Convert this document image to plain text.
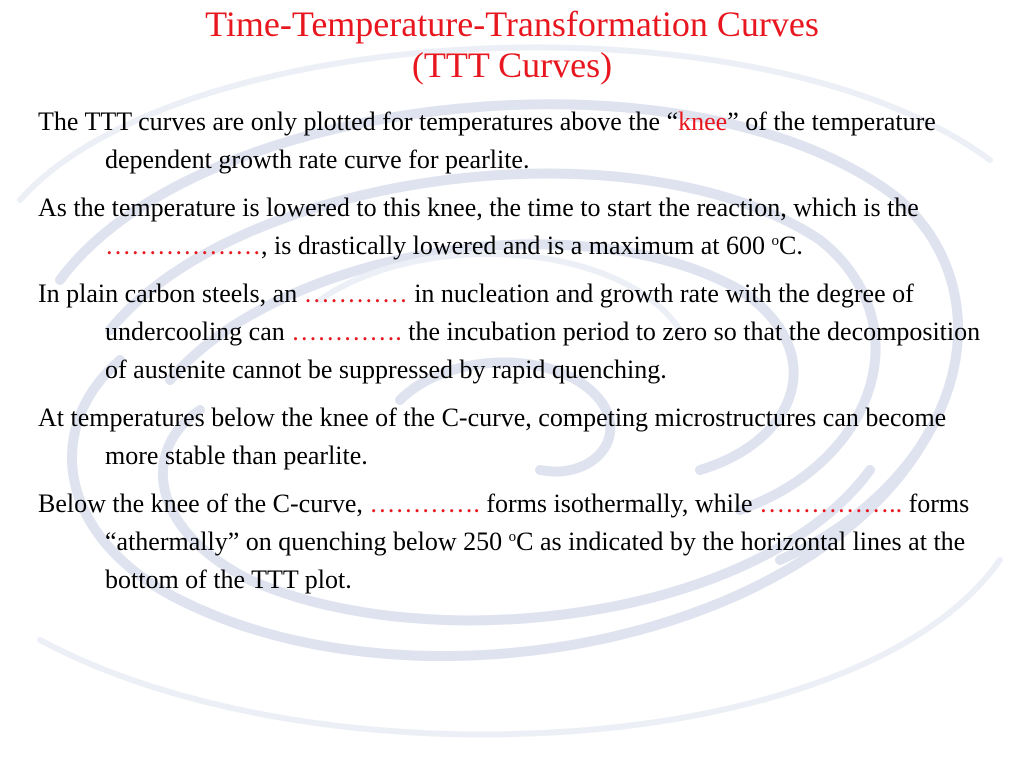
Time-Temperature-Transformation Curves
(TTT Curves)

The TTT curves are only plotted for temperatures above the “knee” of the temperature dependent growth rate curve for pearlite.

As the temperature is lowered to this knee, the time to start the reaction, which is the ………………, is drastically lowered and is a maximum at 600 $^o$C.

In plain carbon steels, an ………… in nucleation and growth rate with the degree of undercooling can …………. the incubation period to zero so that the decomposition of austenite cannot be suppressed by rapid quenching.

At temperatures below the knee of the C-curve, competing microstructures can become more stable than pearlite.

Below the knee of the C-curve, …………. forms isothermally, while …………….. forms “athermally” on quenching below 250 $^o$C as indicated by the horizontal lines at the bottom of the TTT plot.
